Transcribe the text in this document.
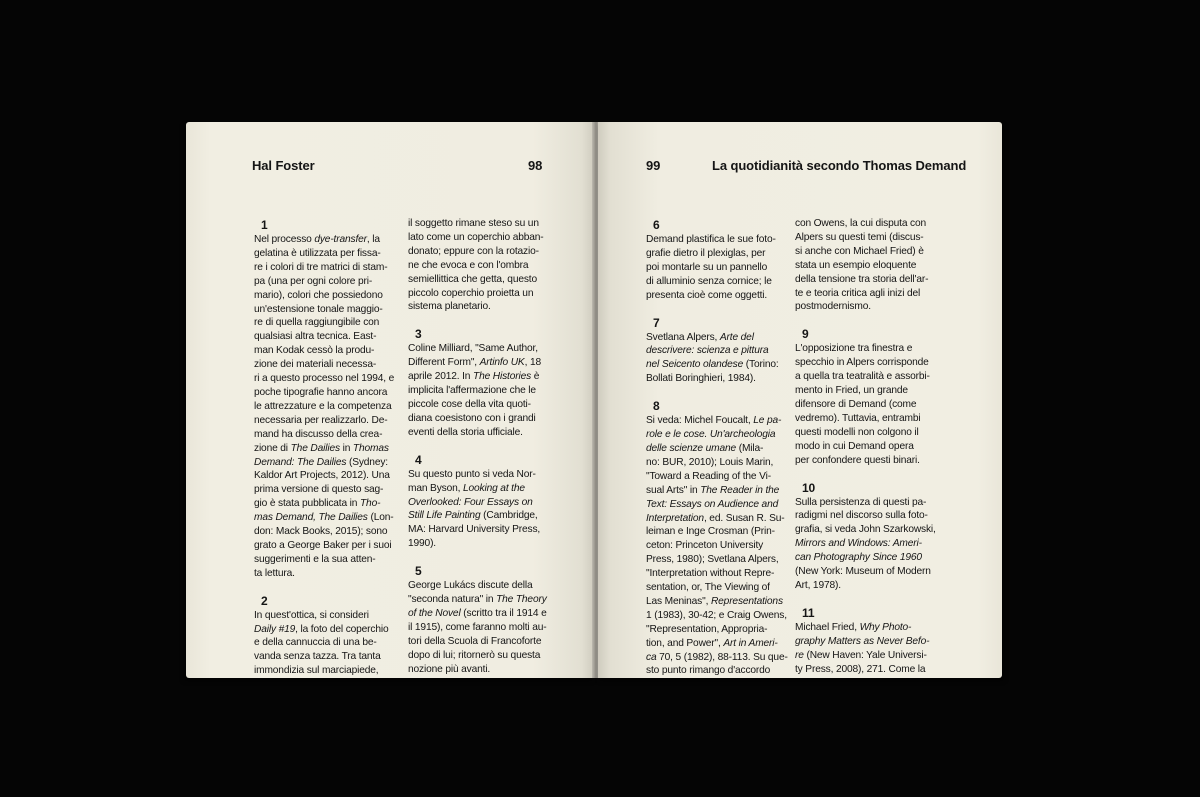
Hal Foster	98
1
Nel processo dye-transfer, la
gelatina è utilizzata per fissa-
re i colori di tre matrici di stam-
pa (una per ogni colore pri-
mario), colori che possiedono
un'estensione tonale maggio-
re di quella raggiungibile con
qualsiasi altra tecnica. East-
man Kodak cessò la produ-
zione dei materiali necessa-
ri a questo processo nel 1994, e
poche tipografie hanno ancora
le attrezzature e la competenza
necessaria per realizzarlo. De-
mand ha discusso della crea-
zione di The Dailies in Thomas
Demand: The Dailies (Sydney:
Kaldor Art Projects, 2012). Una
prima versione di questo sag-
gio è stata pubblicata in Tho-
mas Demand, The Dailies (Lon-
don: Mack Books, 2015); sono
grato a George Baker per i suoi
suggerimenti e la sua atten-
ta lettura.
2
In quest'ottica, si consideri
Daily #19, la foto del coperchio
e della cannuccia di una be-
vanda senza tazza. Tra tanta
immondizia sul marciapiede,
il soggetto rimane steso su un
lato come un coperchio abban-
donato; eppure con la rotazio-
ne che evoca e con l'ombra
semiellittica che getta, questo
piccolo coperchio proietta un
sistema planetario.
3
Coline Milliard, "Same Author,
Different Form", Artinfo UK, 18
aprile 2012. In The Histories è
implicita l'affermazione che le
piccole cose della vita quoti-
diana coesistono con i grandi
eventi della storia ufficiale.
4
Su questo punto si veda Nor-
man Byson, Looking at the
Overlooked: Four Essays on
Still Life Painting (Cambridge,
MA: Harvard University Press,
1990).
5
George Lukács discute della
"seconda natura" in The Theory
of the Novel (scritto tra il 1914 e
il 1915), come faranno molti au-
tori della Scuola di Francoforte
dopo di lui; ritornerò su questa
nozione più avanti.
99	La quotidianità secondo Thomas Demand
6
Demand plastifica le sue foto-
grafie dietro il plexiglas, per
poi montarle su un pannello
di alluminio senza cornice; le
presenta cioè come oggetti.
7
Svetlana Alpers, Arte del
descrivere: scienza e pittura
nel Seicento olandese (Torino:
Bollati Boringhieri, 1984).
8
Si veda: Michel Foucalt, Le pa-
role e le cose. Un'archeologia
delle scienze umane (Mila-
no: BUR, 2010); Louis Marin,
"Toward a Reading of the Vi-
sual Arts" in The Reader in the
Text: Essays on Audience and
Interpretation, ed. Susan R. Su-
leiman e Inge Crosman (Prin-
ceton: Princeton University
Press, 1980); Svetlana Alpers,
"Interpretation without Repre-
sentation, or, The Viewing of
Las Meninas", Representations
1 (1983), 30-42; e Craig Owens,
"Representation, Appropria-
tion, and Power", Art in Ameri-
ca 70, 5 (1982), 88-113. Su que-
sto punto rimango d'accordo
con Owens, la cui disputa con
Alpers su questi temi (discus-
si anche con Michael Fried) è
stata un esempio eloquente
della tensione tra storia dell'ar-
te e teoria critica agli inizi del
postmodernismo.
9
L'opposizione tra finestra e
specchio in Alpers corrisponde
a quella tra teatralità e assorbi-
mento in Fried, un grande
difensore di Demand (come
vedremo). Tuttavia, entrambi
questi modelli non colgono il
modo in cui Demand opera
per confondere questi binari.
10
Sulla persistenza di questi pa-
radigmi nel discorso sulla foto-
grafia, si veda John Szarkowski,
Mirrors and Windows: Ameri-
can Photography Since 1960
(New York: Museum of Modern
Art, 1978).
11
Michael Fried, Why Photo-
graphy Matters as Never Befo-
re (New Haven: Yale Universi-
ty Press, 2008), 271. Come la
